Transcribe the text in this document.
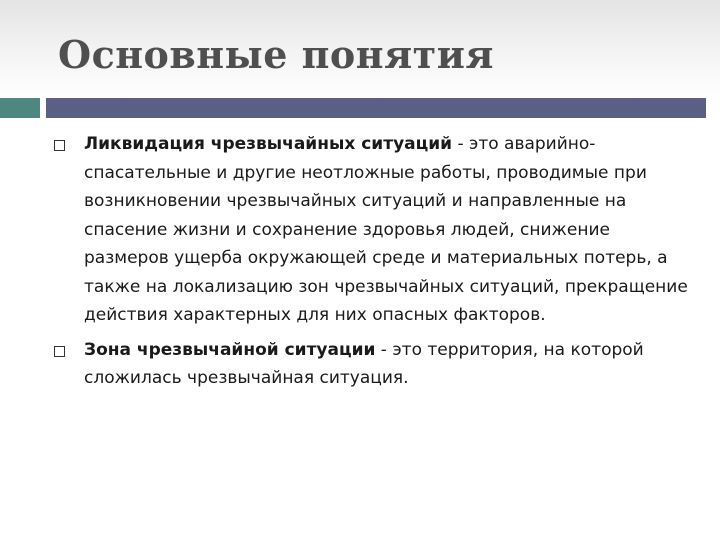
Основные понятия
Ликвидация чрезвычайных ситуаций - это аварийно-спасательные и другие неотложные работы, проводимые при возникновении чрезвычайных ситуаций и направленные на спасение жизни и сохранение здоровья людей, снижение размеров ущерба окружающей среде и материальных потерь, а также на локализацию зон чрезвычайных ситуаций, прекращение действия характерных для них опасных факторов.
Зона чрезвычайной ситуации - это территория, на которой сложилась чрезвычайная ситуация.
